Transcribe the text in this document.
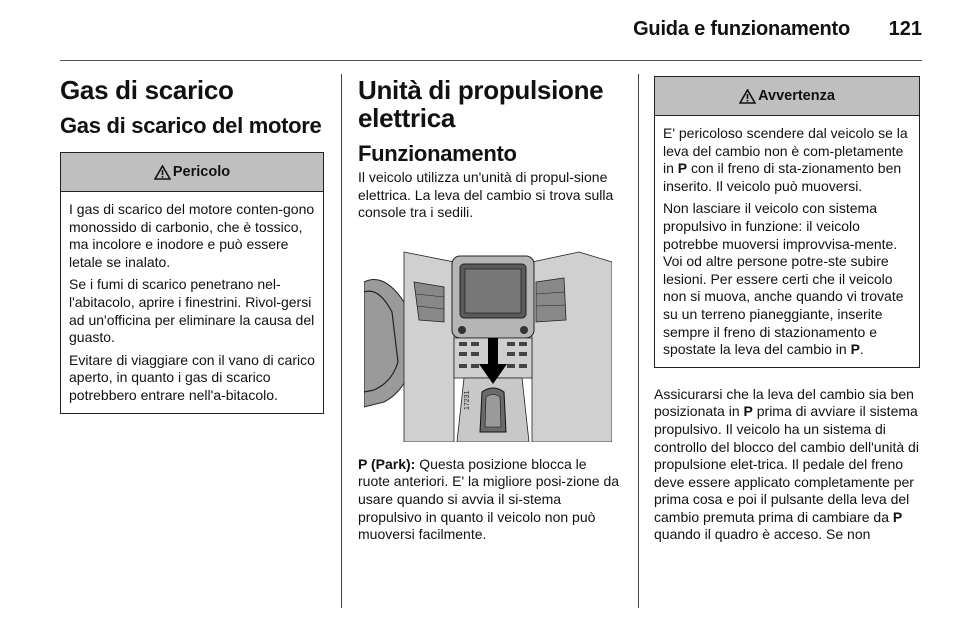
Guida e funzionamento	121
Gas di scarico
Gas di scarico del motore
Pericolo

I gas di scarico del motore conten-gono monossido di carbonio, che è tossico, ma incolore e inodore e può essere letale se inalato.

Se i fumi di scarico penetrano nel-l'abitacolo, aprire i finestrini. Rivol-gersi ad un'officina per eliminare la causa del guasto.

Evitare di viaggiare con il vano di carico aperto, in quanto i gas di scarico potrebbero entrare nell'a-bitacolo.

Unità di propulsione elettrica
Funzionamento

Il veicolo utilizza un'unità di propul-sione elettrica. La leva del cambio si trova sulla console tra i sedili.

17231

P (Park): Questa posizione blocca le ruote anteriori. E' la migliore posi-zione da usare quando si avvia il si-stema propulsivo in quanto il veicolo non può muoversi facilmente.

Avvertenza

E' pericoloso scendere dal veicolo se la leva del cambio non è com-pletamente in P con il freno di sta-zionamento ben inserito. Il veicolo può muoversi.

Non lasciare il veicolo con sistema propulsivo in funzione: il veicolo potrebbe muoversi improvvisa-mente. Voi od altre persone potre-ste subire lesioni. Per essere certi che il veicolo non si muova, anche quando vi trovate su un terreno pianeggiante, inserite sempre il freno di stazionamento e spostate la leva del cambio in P.

Assicurarsi che la leva del cambio sia ben posizionata in P prima di avviare il sistema propulsivo. Il veicolo ha un sistema di controllo del blocco del cambio dell'unità di propulsione elet-trica. Il pedale del freno deve essere applicato completamente per prima cosa e poi il pulsante della leva del cambio premuta prima di cambiare da P quando il quadro è acceso. Se non
